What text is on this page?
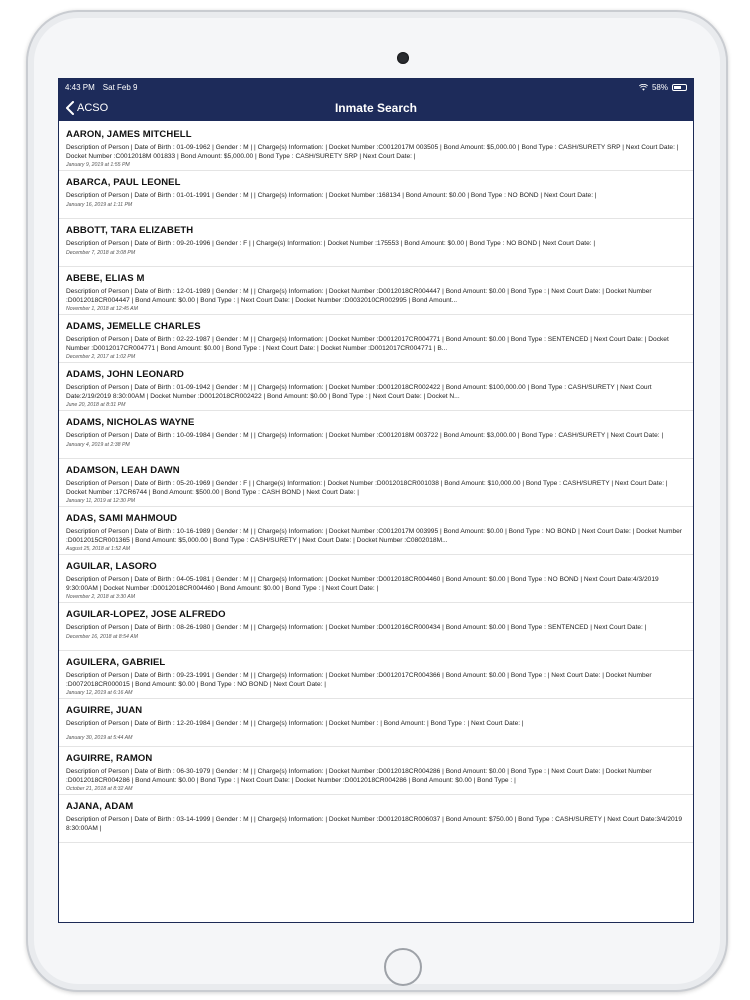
4:43 PM Sat Feb 9	58%
ACSO	Inmate Search
AARON, JAMES MITCHELL
Description of Person | Date of Birth : 01-09-1962 | Gender : M | | Charge(s) Information: | Docket Number :C0012017M 003505 | Bond Amount: $5,000.00 | Bond Type : CASH/SURETY SRP | Next Court Date: | Docket Number :C0012018M 001833 | Bond Amount: $5,000.00 | Bond Type : CASH/SURETY SRP | Next Court Date: |
January 9, 2019 at 1:55 PM
ABARCA, PAUL LEONEL
Description of Person | Date of Birth : 01-01-1991 | Gender : M | | Charge(s) Information: | Docket Number :168134 | Bond Amount: $0.00 | Bond Type : NO BOND | Next Court Date: |
January 16, 2019 at 1:11 PM
ABBOTT, TARA ELIZABETH
Description of Person | Date of Birth : 09-20-1996 | Gender : F | | Charge(s) Information: | Docket Number :175553 | Bond Amount: $0.00 | Bond Type : NO BOND | Next Court Date: |
December 7, 2018 at 3:08 PM
ABEBE, ELIAS M
Description of Person | Date of Birth : 12-01-1989 | Gender : M | | Charge(s) Information: | Docket Number :D0012018CR004447 | Bond Amount: $0.00 | Bond Type : | Next Court Date: | Docket Number :D0012018CR004447 | Bond Amount: $0.00 | Bond Type : | Next Court Date: | Docket Number :D0032010CR002995 | Bond Amount...
November 1, 2018 at 12:45 AM
ADAMS, JEMELLE CHARLES
Description of Person | Date of Birth : 02-22-1987 | Gender : M | | Charge(s) Information: | Docket Number :D0012017CR004771 | Bond Amount: $0.00 | Bond Type : SENTENCED | Next Court Date: | Docket Number :D0012017CR004771 | Bond Amount: $0.00 | Bond Type : | Next Court Date: | Docket Number :D0012017CR004771 | B...
December 2, 2017 at 1:02 PM
ADAMS, JOHN LEONARD
Description of Person | Date of Birth : 01-09-1942 | Gender : M | | Charge(s) Information: | Docket Number :D0012018CR002422 | Bond Amount: $100,000.00 | Bond Type : CASH/SURETY | Next Court Date:2/19/2019 8:30:00AM | Docket Number :D0012018CR002422 | Bond Amount: $0.00 | Bond Type : | Next Court Date: | Docket N...
June 20, 2018 at 8:31 PM
ADAMS, NICHOLAS WAYNE
Description of Person | Date of Birth : 10-09-1984 | Gender : M | | Charge(s) Information: | Docket Number :C0012018M 003722 | Bond Amount: $3,000.00 | Bond Type : CASH/SURETY | Next Court Date: |
January 4, 2019 at 2:38 PM
ADAMSON, LEAH DAWN
Description of Person | Date of Birth : 05-20-1969 | Gender : F | | Charge(s) Information: | Docket Number :D0012018CR001038 | Bond Amount: $10,000.00 | Bond Type : CASH/SURETY | Next Court Date: | Docket Number :17CR6744 | Bond Amount: $500.00 | Bond Type : CASH BOND | Next Court Date: |
January 11, 2019 at 12:30 PM
ADAS, SAMI MAHMOUD
Description of Person | Date of Birth : 10-16-1989 | Gender : M | | Charge(s) Information: | Docket Number :C0012017M 003995 | Bond Amount: $0.00 | Bond Type : NO BOND | Next Court Date: | Docket Number :D0012015CR001365 | Bond Amount: $5,000.00 | Bond Type : CASH/SURETY | Next Court Date: | Docket Number :C0802018M...
August 25, 2018 at 1:52 AM
AGUILAR, LASORO
Description of Person | Date of Birth : 04-05-1981 | Gender : M | | Charge(s) Information: | Docket Number :D0012018CR004460 | Bond Amount: $0.00 | Bond Type : NO BOND | Next Court Date:4/3/2019 9:30:00AM | Docket Number :D0012018CR004460 | Bond Amount: $0.00 | Bond Type : | Next Court Date: |
November 2, 2018 at 3:30 AM
AGUILAR-LOPEZ, JOSE ALFREDO
Description of Person | Date of Birth : 08-26-1980 | Gender : M | | Charge(s) Information: | Docket Number :D0012016CR000434 | Bond Amount: $0.00 | Bond Type : SENTENCED | Next Court Date: |
December 16, 2018 at 8:54 AM
AGUILERA, GABRIEL
Description of Person | Date of Birth : 09-23-1991 | Gender : M | | Charge(s) Information: | Docket Number :D0012017CR004366 | Bond Amount: $0.00 | Bond Type : | Next Court Date: | Docket Number :D0072018CR000015 | Bond Amount: $0.00 | Bond Type : NO BOND | Next Court Date: |
January 12, 2019 at 6:16 AM
AGUIRRE, JUAN
Description of Person | Date of Birth : 12-20-1984 | Gender : M | | Charge(s) Information: | Docket Number : | Bond Amount: | Bond Type : | Next Court Date: |
January 30, 2019 at 5:44 AM
AGUIRRE, RAMON
Description of Person | Date of Birth : 06-30-1979 | Gender : M | | Charge(s) Information: | Docket Number :D0012018CR004286 | Bond Amount: $0.00 | Bond Type : | Next Court Date: | Docket Number :D0012018CR004286 | Bond Amount: $0.00 | Bond Type : | Next Court Date: | Docket Number :D0012018CR004286 | Bond Amount: $0.00 | Bond Type : |
October 21, 2018 at 8:32 AM
AJANA, ADAM
Description of Person | Date of Birth : 03-14-1999 | Gender : M | | Charge(s) Information: | Docket Number :D0012018CR006037 | Bond Amount: $750.00 | Bond Type : CASH/SURETY | Next Court Date:3/4/2019 8:30:00AM |
